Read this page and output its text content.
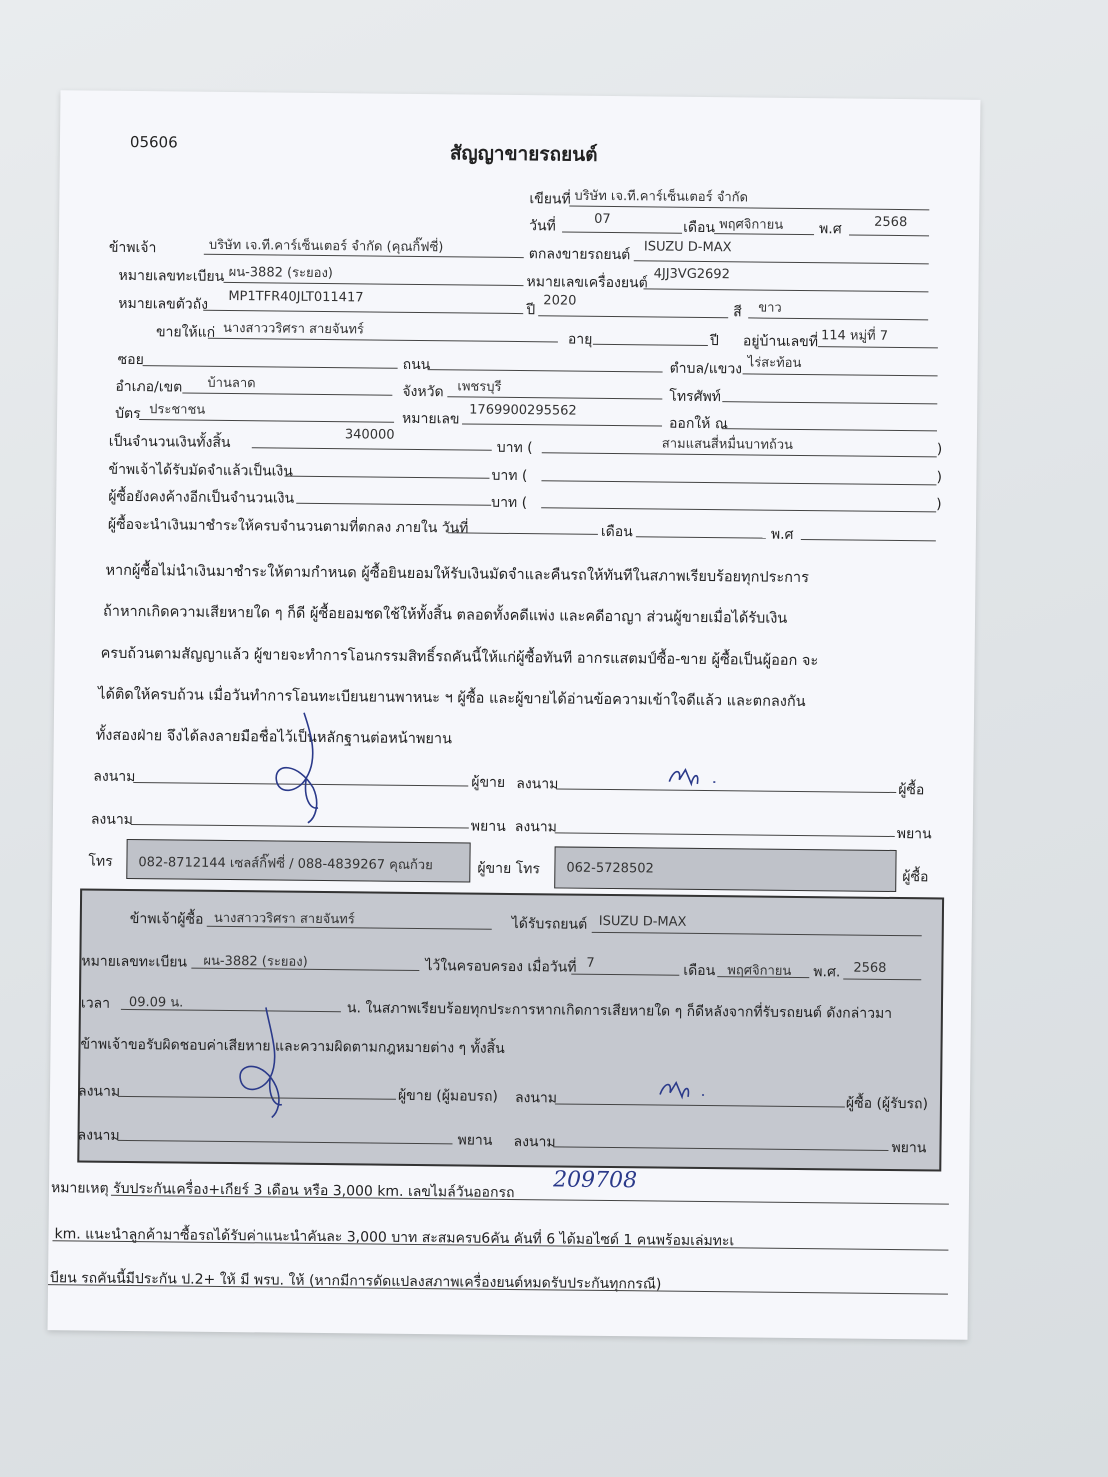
05606
สัญญาขายรถยนต์
เขียนที่ บริษัท เจ.ที.คาร์เซ็นเตอร์ จำกัด
วันที่	07
เดือน พฤศจิกายน	พ.ศ 2568
ข้าพเจ้า	บริษัท เจ.ที.คาร์เซ็นเตอร์ จำกัด (คุณกิ๊ฟซี่)	ตกลงขายรถยนต์ ISUZU D-MAX
หมายเลขทะเบียน ผน-3882 (ระยอง)
หมายเลขเครื่องยนต์ 4JJ3VG2692
หมายเลขตัวถัง MP1TFR40JLT011417
ปี
2020
สี ขาว
ขายให้แก่ นางสาววริศรา สายจันทร์
อายุ	ปี อยู่บ้านเลขที่ 114 หมู่ที่ 7
ซอย	ถนน	ตำบล/แขวง ไร่สะท้อน
อำเภอ/เขต บ้านลาด
จังหวัด เพชรบุรี
โทรศัพท์
บัตร ประชาชน
หมายเลข
1769900295562
ออกให้ ณ
เป็นจำนวนเงินทั้งสิ้น	340000
บาท (	สามแสนสี่หมื่นบาทถ้วน	)
ข้าพเจ้าได้รับมัดจำแล้วเป็นเงิน	บาท (	)
ผู้ซื้อยังคงค้างอีกเป็นจำนวนเงิน	บาท (	)
ผู้ซื้อจะนำเงินมาชำระให้ครบจำนวนตามที่ตกลง ภายใน วันที่	เดือน	พ.ศ
หากผู้ซื้อไม่นำเงินมาชำระให้ตามกำหนด ผู้ซื้อยินยอมให้รับเงินมัดจำและคืนรถให้ทันทีในสภาพเรียบร้อยทุกประการ
ถ้าหากเกิดความเสียหายใด ๆ ก็ดี ผู้ซื้อยอมชดใช้ให้ทั้งสิ้น ตลอดทั้งคดีแพ่ง และคดีอาญา ส่วนผู้ขายเมื่อได้รับเงิน
ครบถ้วนตามสัญญาแล้ว ผู้ขายจะทำการโอนกรรมสิทธิ์รถคันนี้ให้แก่ผู้ซื้อทันที อากรแสตมป์ซื้อ-ขาย ผู้ซื้อเป็นผู้ออก จะ
ได้ติดให้ครบถ้วน เมื่อวันทำการโอนทะเบียนยานพาหนะ ฯ ผู้ซื้อ และผู้ขายได้อ่านข้อความเข้าใจดีแล้ว และตกลงกัน
ทั้งสองฝ่าย จึงได้ลงลายมือชื่อไว้เป็นหลักฐานต่อหน้าพยาน
ลงนาม	ผู้ขาย ลงนาม	ผู้ซื้อ
ลงนาม	พยาน ลงนาม	พยาน
โทร 082-8712144 เซลส์กิ๊ฟซี่ / 088-4839267 คุณก้วย	ผู้ขาย โทร 062-5728502
ผู้ซื้อ
ข้าพเจ้าผู้ซื้อ นางสาววริศรา สายจันทร์	ได้รับรถยนต์ ISUZU D-MAX
หมายเลขทะเบียน ผน-3882 (ระยอง)	ไว้ในครอบครอง เมื่อวันที่ 7	เดือน พฤศจิกายน พ.ศ. 2568
เวลา 09.09 น.	น. ในสภาพเรียบร้อยทุกประการหากเกิดการเสียหายใด ๆ ก็ดีหลังจากที่รับรถยนต์ ดังกล่าวมา
ข้าพเจ้าขอรับผิดชอบค่าเสียหาย และความผิดตามกฎหมายต่าง ๆ ทั้งสิ้น
ลงนาม	ผู้ขาย (ผู้มอบรถ) ลงนาม	ผู้ซื้อ (ผู้รับรถ)
ลงนาม	พยาน ลงนาม	พยาน
หมายเหตุ รับประกันเครื่อง+เกียร์ 3 เดือน หรือ 3,000 km. เลขไมล์วันออกรถ 209708
km. แนะนำลูกค้ามาซื้อรถได้รับค่าแนะนำคันละ 3,000 บาท สะสมครบ6คัน คันที่ 6 ได้มอไซด์ 1 คนพร้อมเล่มทะเ
บียน รถคันนี้มีประกัน ป.2+ ให้ มี พรบ. ให้ (หากมีการดัดแปลงสภาพเครื่องยนต์หมดรับประกันทุกกรณี)
